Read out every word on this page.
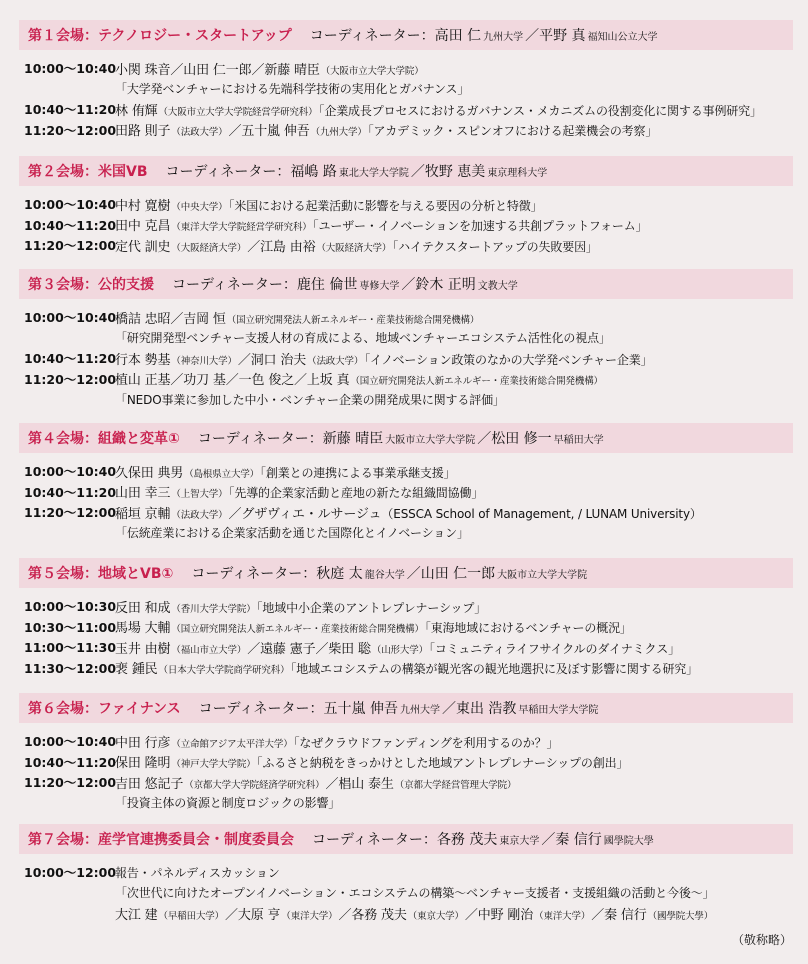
第１会場：テクノロジー・スタートアップ コーディネーター： 高田 仁 九州大学 ／ 平野 真 福知山公立大学
10:00～10:40
小関 珠音／山田 仁一郎／新藤 晴臣（大阪市立大学大学院）
「大学発ベンチャーにおける先端科学技術の実用化とガバナンス」
10:40～11:20
林 侑輝（大阪市立大学大学院経営学研究科）「企業成長プロセスにおけるガバナンス・メカニズムの役割変化に関する事例研究」
11:20～12:00
田路 則子（法政大学）／五十嵐 伸吾（九州大学）「アカデミック・スピンオフにおける起業機会の考察」
第２会場：米国VB コーディネーター： 福嶋 路 東北大学大学院 ／ 牧野 恵美 東京理科大学
10:00～10:40
中村 寛樹（中央大学）「米国における起業活動に影響を与える要因の分析と特徴」
10:40～11:20
田中 克昌（東洋大学大学院経営学研究科）「ユーザー・イノベーションを加速する共創プラットフォーム」
11:20～12:00
定代 訓史（大阪経済大学）／江島 由裕（大阪経済大学）「ハイテクスタートアップの失敗要因」
第３会場：公的支援 コーディネーター： 鹿住 倫世 専修大学 ／ 鈴木 正明 文教大学
10:00～10:40
橋詰 忠昭／吉岡 恒（国立研究開発法人新エネルギー・産業技術総合開発機構）
「研究開発型ベンチャー支援人材の育成による、地域ベンチャーエコシステム活性化の視点」
10:40～11:20
行本 勢基（神奈川大学）／洞口 治夫（法政大学）「イノベーション政策のなかの大学発ベンチャー企業」
11:20～12:00
植山 正基／功刀 基／一色 俊之／上坂 真（国立研究開発法人新エネルギー・産業技術総合開発機構）
「NEDO事業に参加した中小・ベンチャー企業の開発成果に関する評価」
第４会場：組織と変革① コーディネーター： 新藤 晴臣 大阪市立大学大学院 ／ 松田 修一 早稲田大学
10:00～10:40
久保田 典男（島根県立大学）「創業との連携による事業承継支援」
10:40～11:20
山田 幸三（上智大学）「先導的企業家活動と産地の新たな組織間協働」
11:20～12:00
稲垣 京輔（法政大学）／グザヴィエ・ルサージュ（ESSCA School of Management, / LUNAM University）
「伝統産業における企業家活動を通じた国際化とイノベーション」
第５会場：地域とVB① コーディネーター： 秋庭 太 龍谷大学 ／ 山田 仁一郎 大阪市立大学大学院
10:00～10:30
反田 和成（香川大学大学院）「地域中小企業のアントレプレナーシップ」
10:30～11:00
馬場 大輔（国立研究開発法人新エネルギー・産業技術総合開発機構）「東海地域におけるベンチャーの概況」
11:00～11:30
玉井 由樹（福山市立大学）／遠藤 憲子／柴田 聡（山形大学）「コミュニティライフサイクルのダイナミクス」
11:30～12:00
裵 鍾民（日本大学大学院商学研究科）「地域エコシステムの構築が観光客の観光地選択に及ぼす影響に関する研究」
第６会場：ファイナンス コーディネーター： 五十嵐 伸吾 九州大学 ／ 東出 浩教 早稲田大学大学院
10:00～10:40
中田 行彦（立命館アジア太平洋大学）「なぜクラウドファンディングを利用するのか？」
10:40～11:20
保田 隆明（神戸大学大学院）「ふるさと納税をきっかけとした地域アントレプレナーシップの創出」
11:20～12:00
吉田 悠記子（京都大学大学院経済学研究科）／椙山 泰生（京都大学経営管理大学院）
「投資主体の資源と制度ロジックの影響」
第７会場：産学官連携委員会・制度委員会 コーディネーター： 各務 茂夫 東京大学 ／ 秦 信行 國學院大學
10:00～12:00
報告・パネルディスカッション
「次世代に向けたオープンイノベーション・エコシステムの構築～ベンチャー支援者・支援組織の活動と今後～」
大江 建（早稲田大学）／大原 亨（東洋大学）／各務 茂夫（東京大学）／中野 剛治（東洋大学）／秦 信行（國學院大學）
（敬称略）
